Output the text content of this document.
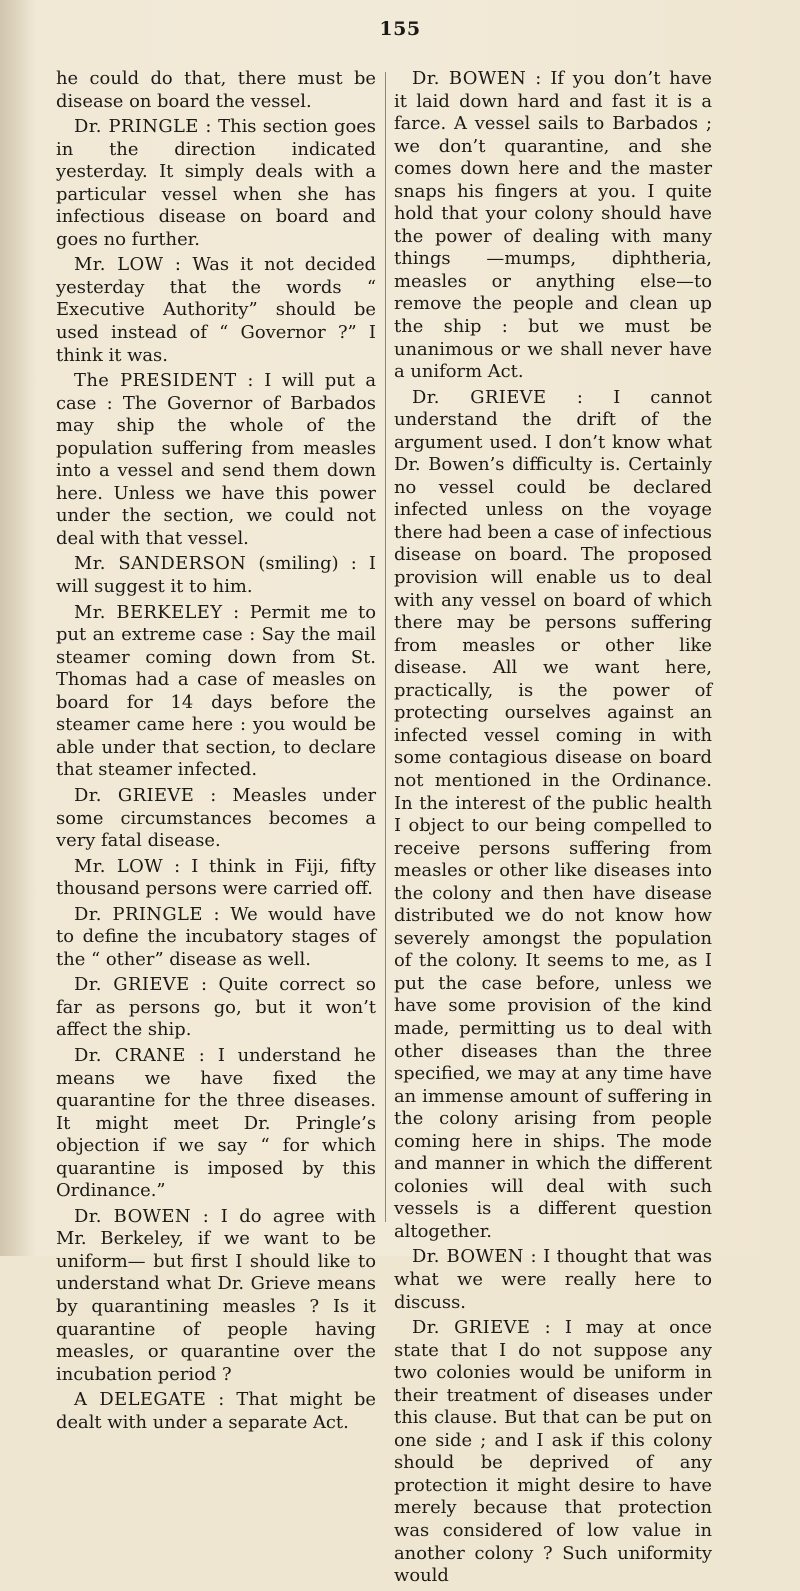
155

he could do that, there must be disease on board the vessel.

Dr. PRINGLE : This section goes in the direction indicated yesterday. It simply deals with a particular vessel when she has infectious disease on board and goes no further.

Mr. LOW : Was it not decided yesterday that the words “ Executive Authority” should be used instead of “ Governor ?” I think it was.

The PRESIDENT : I will put a case : The Governor of Barbados may ship the whole of the population suffering from measles into a vessel and send them down here. Unless we have this power under the section, we could not deal with that vessel.

Mr. SANDERSON (smiling) : I will suggest it to him.

Mr. BERKELEY : Permit me to put an extreme case : Say the mail steamer coming down from St. Thomas had a case of measles on board for 14 days before the steamer came here : you would be able under that section, to declare that steamer infected.

Dr. GRIEVE : Measles under some circumstances becomes a very fatal disease.

Mr. LOW : I think in Fiji, fifty thousand persons were carried off.

Dr. PRINGLE : We would have to define the incubatory stages of the “ other” disease as well.

Dr. GRIEVE : Quite correct so far as persons go, but it won’t affect the ship.

Dr. CRANE : I understand he means we have fixed the quarantine for the three diseases. It might meet Dr. Pringle’s objection if we say “ for which quarantine is imposed by this Ordinance.”

Dr. BOWEN : I do agree with Mr. Berkeley, if we want to be uniform— but first I should like to understand what Dr. Grieve means by quarantining measles ? Is it quarantine of people having measles, or quarantine over the incubation period ?

A DELEGATE : That might be dealt with under a separate Act.

Dr. BOWEN : If you don’t have it laid down hard and fast it is a farce. A vessel sails to Barbados ; we don’t quarantine, and she comes down here and the master snaps his fingers at you. I quite hold that your colony should have the power of dealing with many things —mumps, diphtheria, measles or anything else—to remove the people and clean up the ship : but we must be unanimous or we shall never have a uniform Act.

Dr. GRIEVE : I cannot understand the drift of the argument used. I don’t know what Dr. Bowen’s difficulty is. Certainly no vessel could be declared infected unless on the voyage there had been a case of infectious disease on board. The proposed provision will enable us to deal with any vessel on board of which there may be persons suffering from measles or other like disease. All we want here, practically, is the power of protecting ourselves against an infected vessel coming in with some contagious disease on board not mentioned in the Ordinance. In the interest of the public health I object to our being compelled to receive persons suffering from measles or other like diseases into the colony and then have disease distributed we do not know how severely amongst the population of the colony. It seems to me, as I put the case before, unless we have some provision of the kind made, permitting us to deal with other diseases than the three specified, we may at any time have an immense amount of suffering in the colony arising from people coming here in ships. The mode and manner in which the different colonies will deal with such vessels is a different question altogether.

Dr. BOWEN : I thought that was what we were really here to discuss.

Dr. GRIEVE : I may at once state that I do not suppose any two colonies would be uniform in their treatment of diseases under this clause. But that can be put on one side ; and I ask if this colony should be deprived of any protection it might desire to have merely because that protection was considered of low value in another colony ? Such uniformity would
